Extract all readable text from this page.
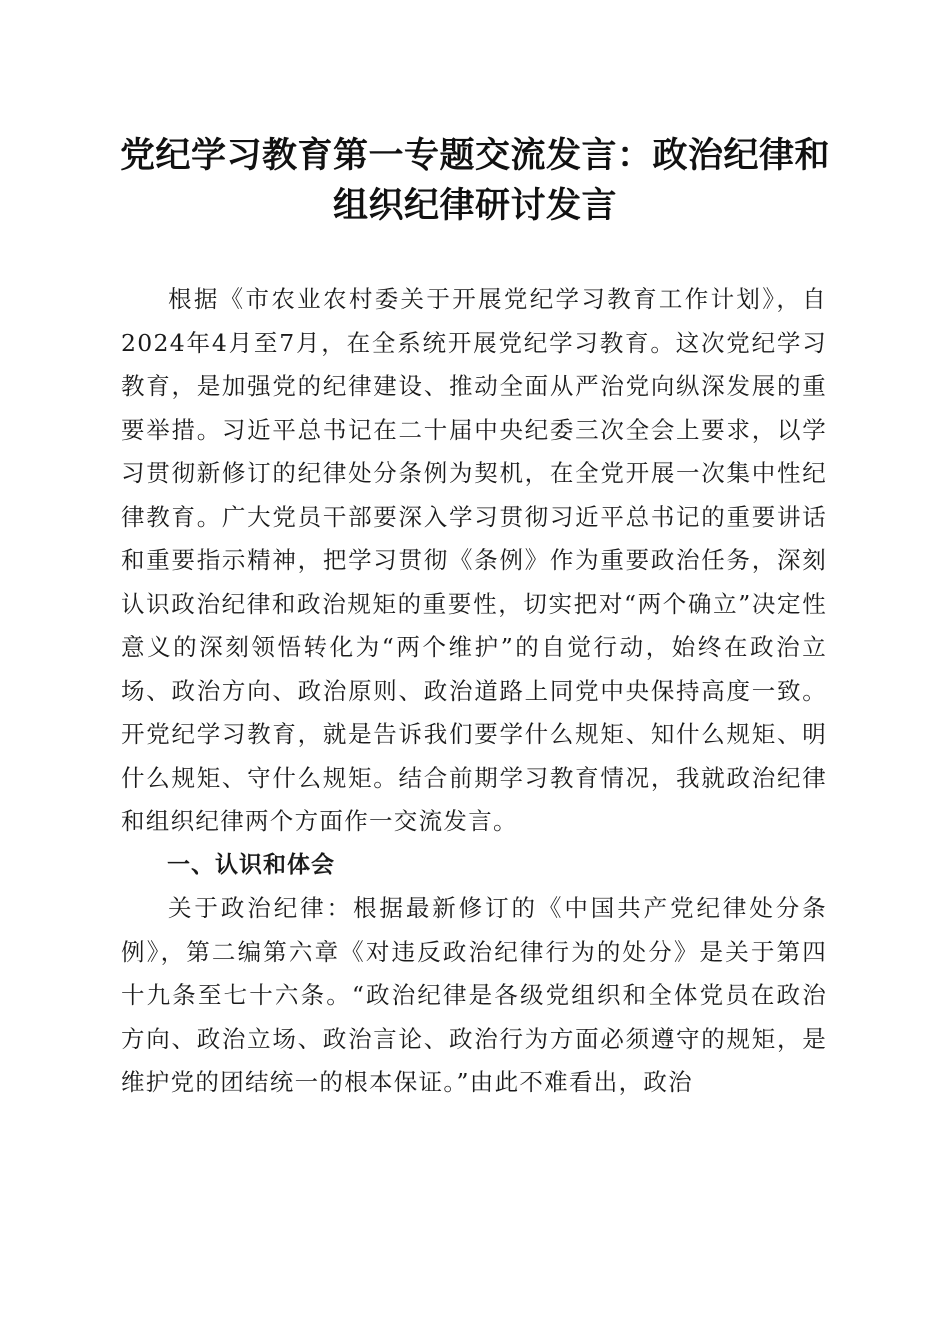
党纪学习教育第一专题交流发言：政治纪律和
组织纪律研讨发言

根据《市农业农村委关于开展党纪学习教育工作计划》，自2024年4月至7月，在全系统开展党纪学习教育。这次党纪学习教育，是加强党的纪律建设、推动全面从严治党向纵深发展的重要举措。习近平总书记在二十届中央纪委三次全会上要求，以学习贯彻新修订的纪律处分条例为契机，在全党开展一次集中性纪律教育。广大党员干部要深入学习贯彻习近平总书记的重要讲话和重要指示精神，把学习贯彻《条例》作为重要政治任务，深刻认识政治纪律和政治规矩的重要性，切实把对“两个确立”决定性意义的深刻领悟转化为“两个维护”的自觉行动，始终在政治立场、政治方向、政治原则、政治道路上同党中央保持高度一致。开党纪学习教育，就是告诉我们要学什么规矩、知什么规矩、明什么规矩、守什么规矩。结合前期学习教育情况，我就政治纪律和组织纪律两个方面作一交流发言。

一、认识和体会

关于政治纪律：根据最新修订的《中国共产党纪律处分条例》，第二编第六章《对违反政治纪律行为的处分》是关于第四十九条至七十六条。“政治纪律是各级党组织和全体党员在政治方向、政治立场、政治言论、政治行为方面必须遵守的规矩，是维护党的团结统一的根本保证。”由此不难看出，政治
